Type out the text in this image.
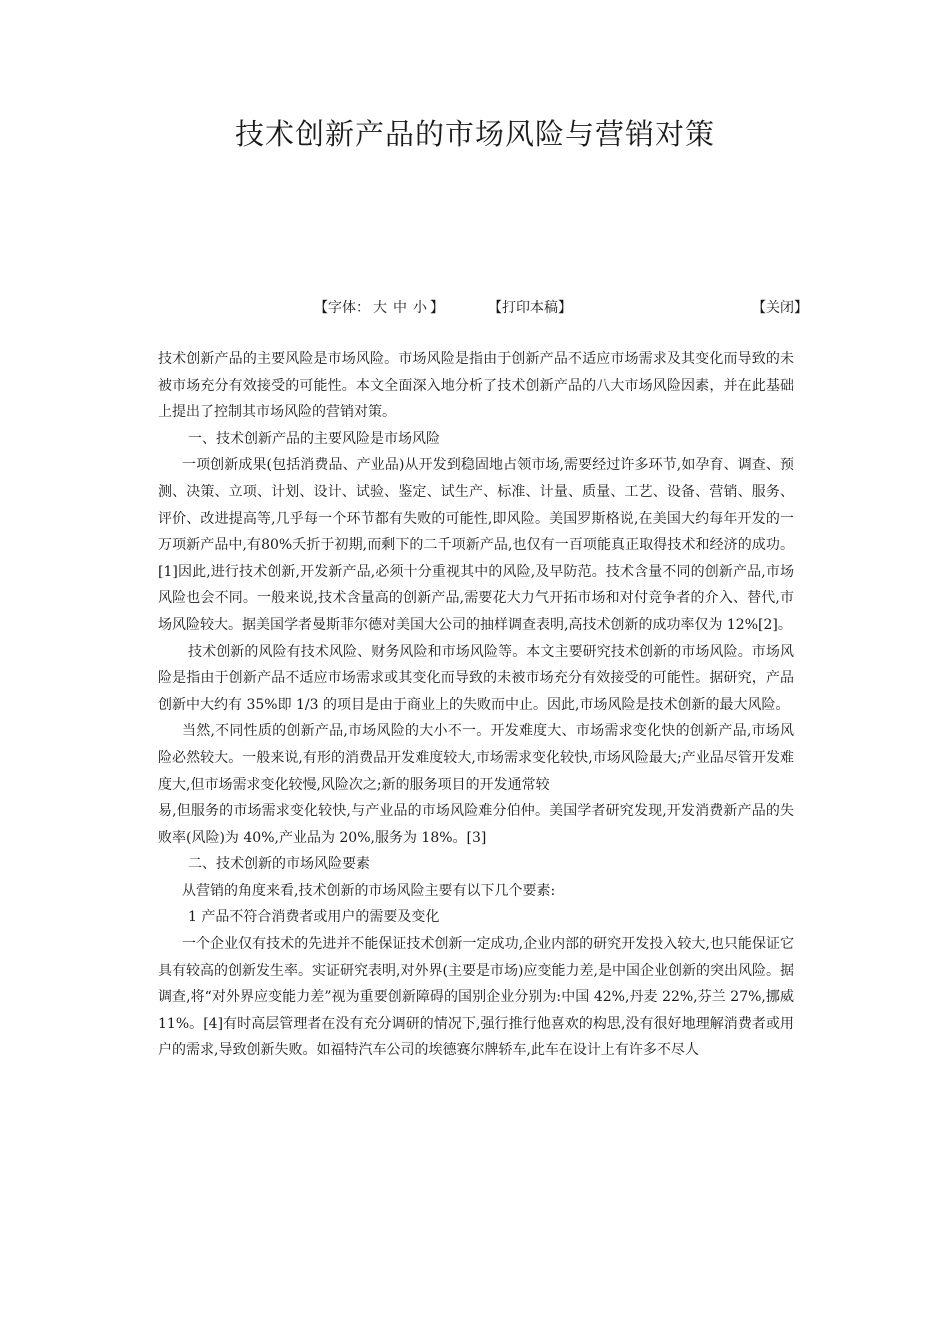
技术创新产品的市场风险与营销对策
【字体： 大 中 小 】	【打印本稿】	【关闭】

技术创新产品的主要风险是市场风险。市场风险是指由于创新产品不适应市场需求及其变化而导致的未被市场充分有效接受的可能性。本文全面深入地分析了技术创新产品的八大市场风险因素，并在此基础上提出了控制其市场风险的营销对策。

一、技术创新产品的主要风险是市场风险

一项创新成果(包括消费品、产业品)从开发到稳固地占领市场,需要经过许多环节,如孕育、调查、预测、决策、立项、计划、设计、试验、鉴定、试生产、标准、计量、质量、工艺、设备、营销、服务、评价、改进提高等,几乎每一个环节都有失败的可能性,即风险。美国罗斯格说,在美国大约每年开发的一万项新产品中,有80%夭折于初期,而剩下的二千项新产品,也仅有一百项能真正取得技术和经济的成功。[1]因此,进行技术创新,开发新产品,必须十分重视其中的风险,及早防范。技术含量不同的创新产品,市场风险也会不同。一般来说,技术含量高的创新产品,需要花大力气开拓市场和对付竞争者的介入、替代,市场风险较大。据美国学者曼斯菲尔德对美国大公司的抽样调查表明,高技术创新的成功率仅为 12%[2]。

技术创新的风险有技术风险、财务风险和市场风险等。本文主要研究技术创新的市场风险。市场风险是指由于创新产品不适应市场需求或其变化而导致的未被市场充分有效接受的可能性。据研究，产品创新中大约有 35%即 1/3 的项目是由于商业上的失败而中止。因此,市场风险是技术创新的最大风险。

当然,不同性质的创新产品,市场风险的大小不一。开发难度大、市场需求变化快的创新产品,市场风险必然较大。一般来说,有形的消费品开发难度较大,市场需求变化较快,市场风险最大;产业品尽管开发难度大,但市场需求变化较慢,风险次之;新的服务项目的开发通常较

易,但服务的市场需求变化较快,与产业品的市场风险难分伯仲。美国学者研究发现,开发消费新产品的失败率(风险)为 40%,产业品为 20%,服务为 18%。[3]

二、技术创新的市场风险要素

从营销的角度来看,技术创新的市场风险主要有以下几个要素:

1 产品不符合消费者或用户的需要及变化

一个企业仅有技术的先进并不能保证技术创新一定成功,企业内部的研究开发投入较大,也只能保证它具有较高的创新发生率。实证研究表明,对外界(主要是市场)应变能力差,是中国企业创新的突出风险。据调查,将“对外界应变能力差”视为重要创新障碍的国别企业分别为:中国 42%,丹麦 22%,芬兰 27%,挪威 11%。[4]有时高层管理者在没有充分调研的情况下,强行推行他喜欢的构思,没有很好地理解消费者或用户的需求,导致创新失败。如福特汽车公司的埃德赛尔牌轿车,此车在设计上有许多不尽人
